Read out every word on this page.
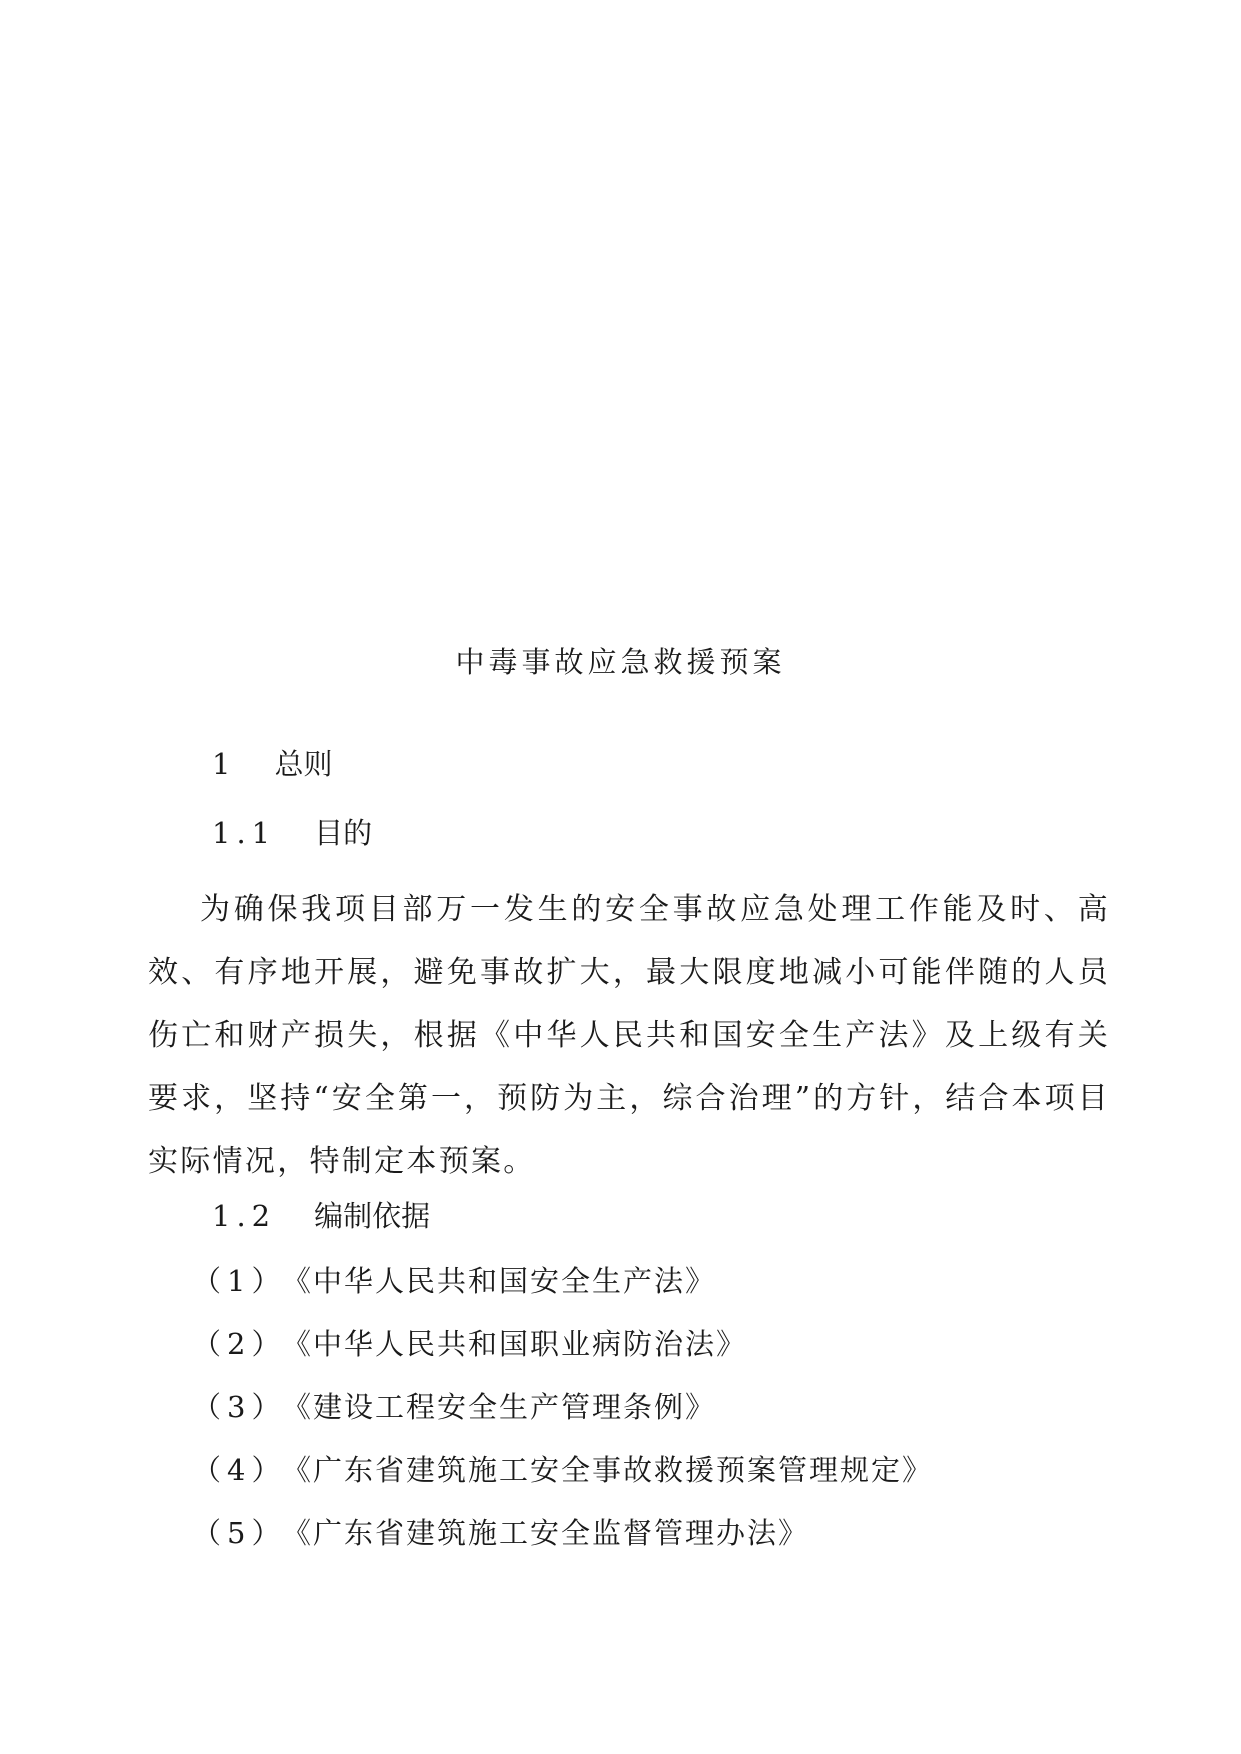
中毒事故应急救援预案
1 总则
1.1 目的
为确保我项目部万一发生的安全事故应急处理工作能及时、高效、有序地开展，避免事故扩大，最大限度地减小可能伴随的人员伤亡和财产损失，根据《中华人民共和国安全生产法》及上级有关要求，坚持“安全第一，预防为主，综合治理”的方针，结合本项目实际情况，特制定本预案。
1.2 编制依据
（1）《中华人民共和国安全生产法》
（2）《中华人民共和国职业病防治法》
（3）《建设工程安全生产管理条例》
（4）《广东省建筑施工安全事故救援预案管理规定》
（5）《广东省建筑施工安全监督管理办法》
